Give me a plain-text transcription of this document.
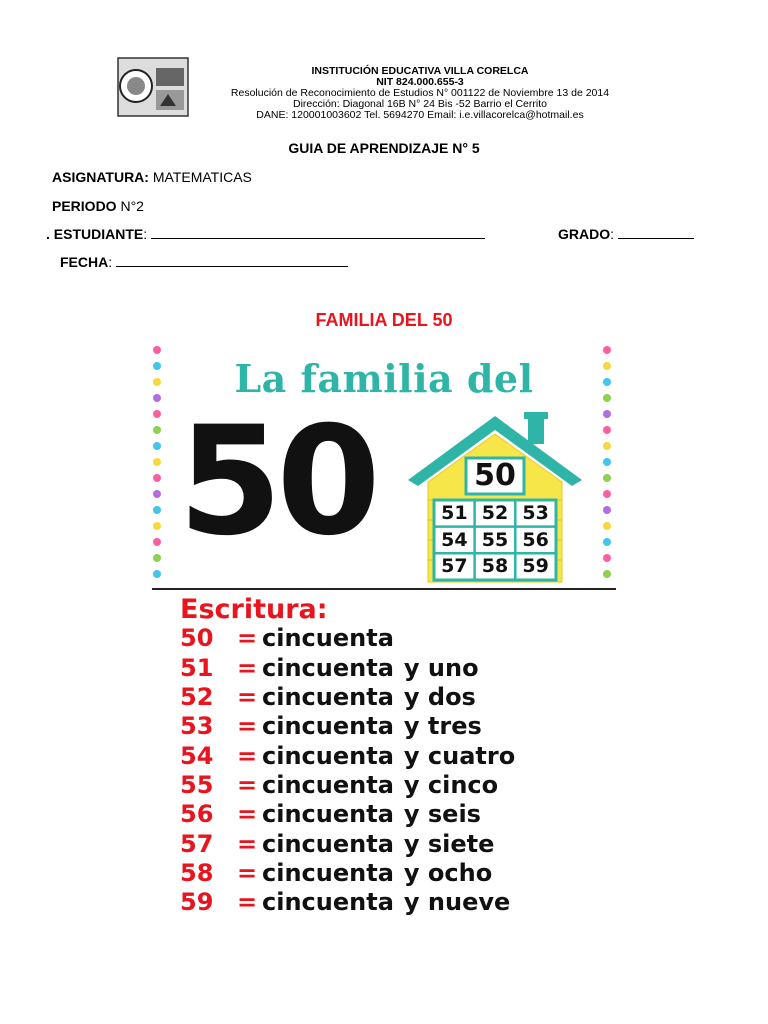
INSTITUCIÓN EDUCATIVA VILLA CORELCA
NIT 824.000.655-3
Resolución de Reconocimiento de Estudios N° 001122 de Noviembre 13 de 2014
Dirección: Diagonal 16B N° 24 Bis -52 Barrio el Cerrito
DANE: 120001003602 Tel. 5694270 Email: i.e.villacorelca@hotmail.es
GUIA DE APRENDIZAJE N° 5
ASIGNATURA: MATEMATICAS
PERIODO N°2
. ESTUDIANTE:	GRADO:
FECHA:
FAMILIA DEL 50
La familia del
50	50
51 52 53
54 55 56
57 58 59
Escritura:
50 = cincuenta
51 = cincuenta y uno
52 = cincuenta y dos
53 = cincuenta y tres
54 = cincuenta y cuatro
55 = cincuenta y cinco
56 = cincuenta y seis
57 = cincuenta y siete
58 = cincuenta y ocho
59 = cincuenta y nueve
